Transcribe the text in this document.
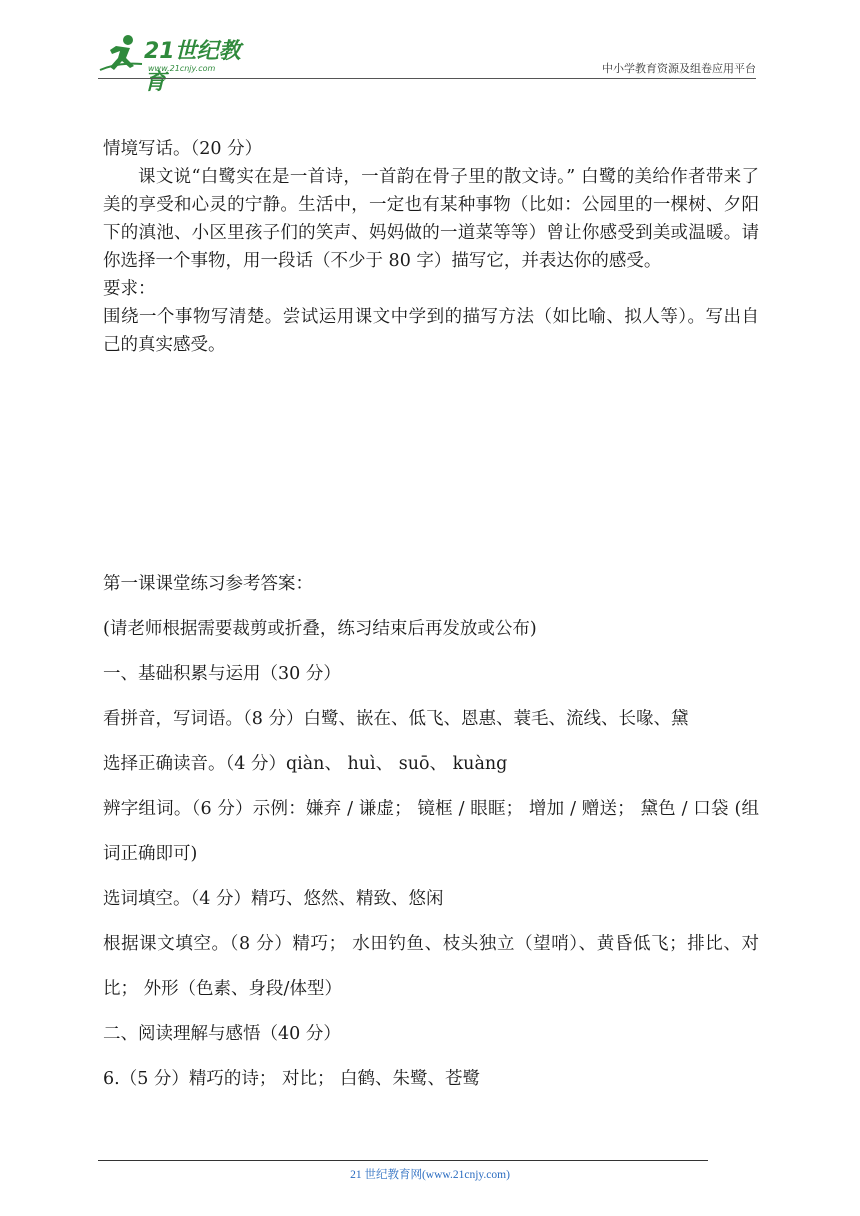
21世纪教育
www.21cnjy.com	中小学教育资源及组卷应用平台

情境写话。（20 分）

课文说“白鹭实在是一首诗，一首韵在骨子里的散文诗。” 白鹭的美给作者带来了美的享受和心灵的宁静。生活中，一定也有某种事物（比如：公园里的一棵树、夕阳下的滇池、小区里孩子们的笑声、妈妈做的一道菜等等）曾让你感受到美或温暖。请你选择一个事物，用一段话（不少于 80 字）描写它，并表达你的感受。

要求：

围绕一个事物写清楚。尝试运用课文中学到的描写方法（如比喻、拟人等）。写出自己的真实感受。

第一课课堂练习参考答案：

(请老师根据需要裁剪或折叠，练习结束后再发放或公布)

一、基础积累与运用（30 分）

看拼音，写词语。（8 分）白鹭、嵌在、低飞、恩惠、蓑毛、流线、长喙、黛

选择正确读音。（4 分）qiàn、 huì、 suō、 kuàng

辨字组词。（6 分）示例：嫌弃 / 谦虚； 镜框 / 眼眶； 增加 / 赠送； 黛色 / 口袋 (组词正确即可)

选词填空。（4 分）精巧、悠然、精致、悠闲

根据课文填空。（8 分）精巧； 水田钓鱼、枝头独立（望哨）、黄昏低飞；排比、对比； 外形（色素、身段/体型）

二、阅读理解与感悟（40 分）

6.（5 分）精巧的诗； 对比； 白鹤、朱鹭、苍鹭

21 世纪教育网(www.21cnjy.com)
